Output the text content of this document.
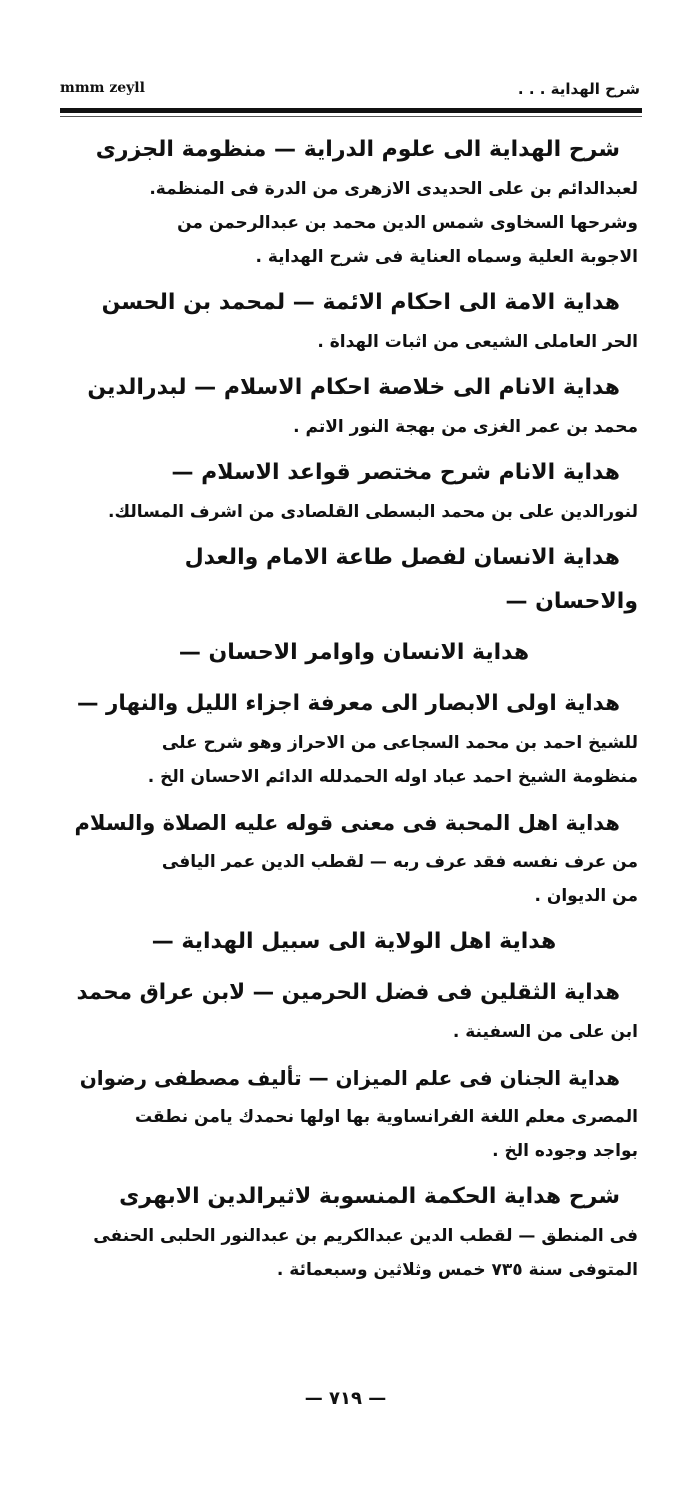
شرح الهداية . . .
mmm zeyll
شرح الهداية الى علوم الدراية — منظومة الجزرى
لعبدالدائم بن على الحديدى الازهرى من الدرة فى المنظمة.
وشرحها السخاوى شمس الدين محمد بن عبدالرحمن من
الاجوبة العلية وسماه العناية فى شرح الهداية .
هداية الامة الى احكام الائمة — لمحمد بن الحسن
الحر العاملى الشيعى من اثبات الهداة .
هداية الانام الى خلاصة احكام الاسلام — لبدرالدين
محمد بن عمر الغزى من بهجة النور الاتم .
هداية الانام شرح مختصر قواعد الاسلام —
لنورالدين على بن محمد البسطى القلصادى من اشرف المسالك.
هداية الانسان لفصل طاعة الامام والعدل
والاحسان —
هداية الانسان واوامر الاحسان —
هداية اولى الابصار الى معرفة اجزاء الليل والنهار —
للشيخ احمد بن محمد السجاعى من الاحراز وهو شرح على
منظومة الشيخ احمد عباد اوله الحمدلله الدائم الاحسان الخ .
هداية اهل المحبة فى معنى قوله عليه الصلاة والسلام
من عرف نفسه فقد عرف ربه — لقطب الدين عمر اليافى
من الديوان .
هداية اهل الولاية الى سبيل الهداية —
هداية الثقلين فى فضل الحرمين — لابن عراق محمد
ابن على من السفينة .
هداية الجنان فى علم الميزان — تأليف مصطفى رضوان
المصرى معلم اللغة الفرانساوية بها اولها نحمدك يامن نطقت
بواجد وجوده الخ .
شرح هداية الحكمة المنسوبة لاثيرالدين الابهرى
فى المنطق — لقطب الدين عبدالكريم بن عبدالنور الحلبى الحنفى
المتوفى سنة ٧٣٥ خمس وثلاثين وسبعمائة .
— ٧١٩ —
